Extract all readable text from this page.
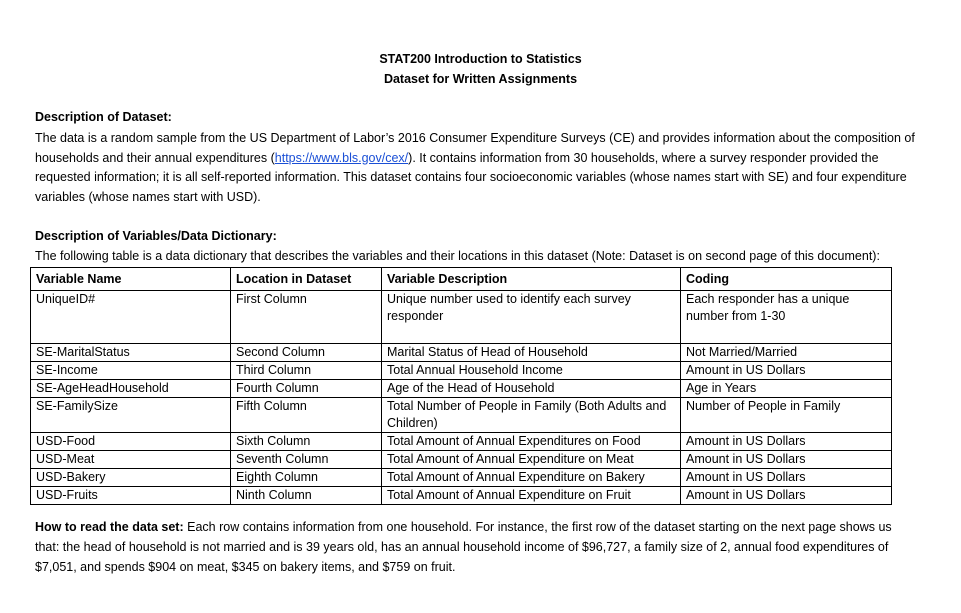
STAT200 Introduction to Statistics
Dataset for Written Assignments
Description of Dataset:
The data is a random sample from the US Department of Labor’s 2016 Consumer Expenditure Surveys (CE) and provides information about the composition of households and their annual expenditures (https://www.bls.gov/cex/). It contains information from 30 households, where a survey responder provided the requested information; it is all self-reported information. This dataset contains four socioeconomic variables (whose names start with SE) and four expenditure variables (whose names start with USD).
Description of Variables/Data Dictionary:
The following table is a data dictionary that describes the variables and their locations in this dataset (Note: Dataset is on second page of this document):
Variable Name	Location in Dataset	Variable Description	Coding
UniqueID#	First Column	Unique number used to identify each survey responder	Each responder has a unique number from 1-30
SE-MaritalStatus	Second Column	Marital Status of Head of Household	Not Married/Married
SE-Income	Third Column	Total Annual Household Income	Amount in US Dollars
SE-AgeHeadHousehold	Fourth Column	Age of the Head of Household	Age in Years
SE-FamilySize	Fifth Column	Total Number of People in Family (Both Adults and Children)	Number of People in Family
USD-Food	Sixth Column	Total Amount of Annual Expenditures on Food	Amount in US Dollars
USD-Meat	Seventh Column	Total Amount of Annual Expenditure on Meat	Amount in US Dollars
USD-Bakery	Eighth Column	Total Amount of Annual Expenditure on Bakery	Amount in US Dollars
USD-Fruits	Ninth Column	Total Amount of Annual Expenditure on Fruit	Amount in US Dollars
How to read the data set: Each row contains information from one household. For instance, the first row of the dataset starting on the next page shows us that: the head of household is not married and is 39 years old, has an annual household income of $96,727, a family size of 2, annual food expenditures of $7,051, and spends $904 on meat, $345 on bakery items, and $759 on fruit.
